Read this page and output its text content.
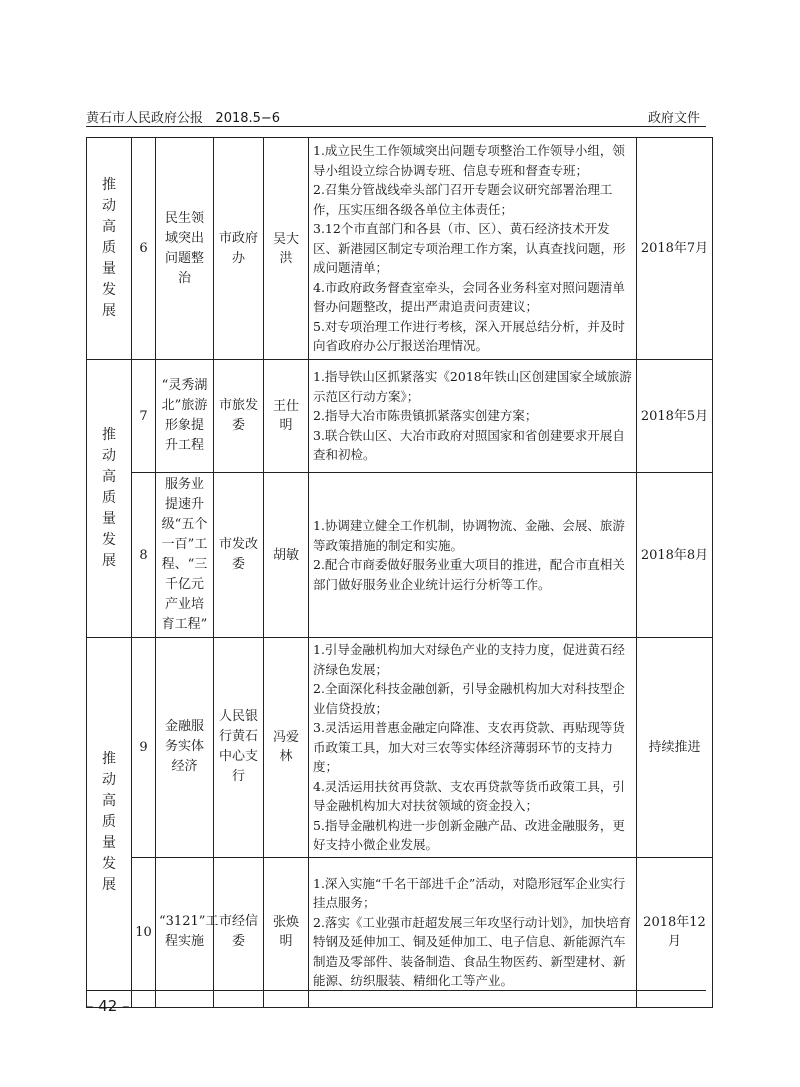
黄石市人民政府公报 2018.5−6	政府文件
推动高质量发展	6	民生领域突出问题整治	市政府办	吴大洪	1.成立民生工作领域突出问题专项整治工作领导小组，领导小组设立综合协调专班、信息专班和督查专班；
2.召集分管战线牵头部门召开专题会议研究部署治理工作，压实压细各级各单位主体责任；
3.12个市直部门和各县（市、区）、黄石经济技术开发区、新港园区制定专项治理工作方案，认真查找问题，形成问题清单；
4.市政府政务督查室牵头，会同各业务科室对照问题清单督办问题整改，提出严肃追责问责建议；
5.对专项治理工作进行考核，深入开展总结分析，并及时向省政府办公厅报送治理情况。	2018年7月
推动高质量发展	7	“灵秀湖北”旅游形象提升工程	市旅发委	王仕明	1.指导铁山区抓紧落实《2018年铁山区创建国家全域旅游示范区行动方案》；
2.指导大冶市陈贵镇抓紧落实创建方案；
3.联合铁山区、大冶市政府对照国家和省创建要求开展自查和初检。	2018年5月
	8	服务业提速升级“五个一百”工程、“三千亿元产业培育工程”	市发改委	胡敏	1.协调建立健全工作机制，协调物流、金融、会展、旅游等政策措施的制定和实施。
2.配合市商委做好服务业重大项目的推进，配合市直相关部门做好服务业企业统计运行分析等工作。	2018年8月
推动高质量发展	9	金融服务实体经济	人民银行黄石中心支行	冯爱林	1.引导金融机构加大对绿色产业的支持力度，促进黄石经济绿色发展；
2.全面深化科技金融创新，引导金融机构加大对科技型企业信贷投放；
3.灵活运用普惠金融定向降准、支农再贷款、再贴现等货币政策工具，加大对三农等实体经济薄弱环节的支持力度；
4.灵活运用扶贫再贷款、支农再贷款等货币政策工具，引导金融机构加大对扶贫领域的资金投入；
5.指导金融机构进一步创新金融产品、改进金融服务，更好支持小微企业发展。	持续推进
	10	“3121”工程实施	市经信委	张焕明	1.深入实施“千名干部进千企”活动，对隐形冠军企业实行挂点服务；
2.落实《工业强市赶超发展三年攻坚行动计划》，加快培育特钢及延伸加工、铜及延伸加工、电子信息、新能源汽车制造及零部件、装备制造、食品生物医药、新型建材、新能源、纺织服装、精细化工等产业。	2018年12月
– 42 –
